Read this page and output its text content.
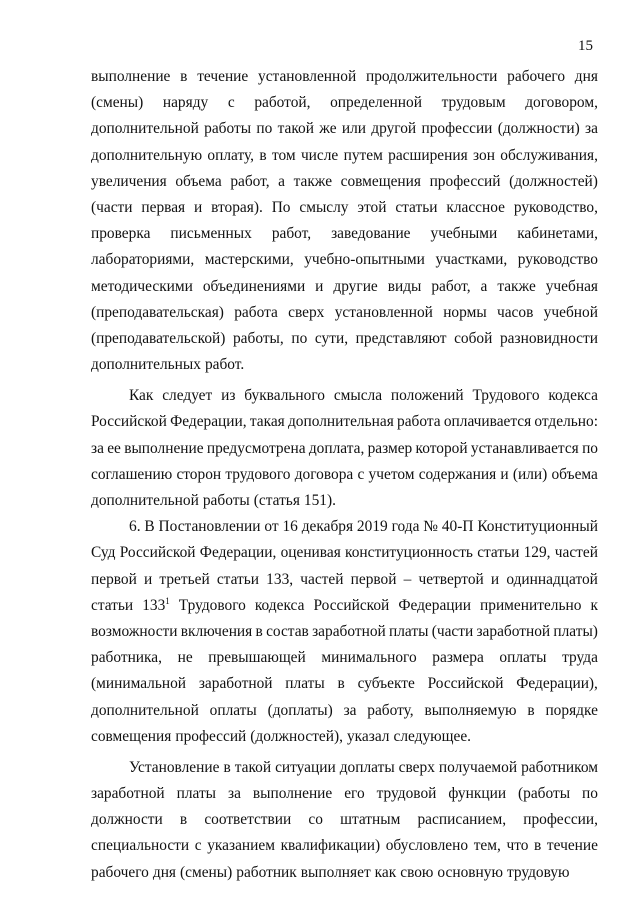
15
выполнение в течение установленной продолжительности рабочего дня
(смены) наряду с работой, определенной трудовым договором,
дополнительной работы по такой же или другой профессии (должности) за
дополнительную оплату, в том числе путем расширения зон обслуживания,
увеличения объема работ, а также совмещения профессий (должностей)
(части первая и вторая). По смыслу этой статьи классное руководство,
проверка письменных работ, заведование учебными кабинетами,
лабораториями, мастерскими, учебно-опытными участками, руководство
методическими объединениями и другие виды работ, а также учебная
(преподавательская) работа сверх установленной нормы часов учебной
(преподавательской) работы, по сути, представляют собой разновидности
дополнительных работ.
Как следует из буквального смысла положений Трудового кодекса
Российской Федерации, такая дополнительная работа оплачивается отдельно:
за ее выполнение предусмотрена доплата, размер которой устанавливается по
соглашению сторон трудового договора с учетом содержания и (или) объема
дополнительной работы (статья 151).
6. В Постановлении от 16 декабря 2019 года № 40-П Конституционный
Суд Российской Федерации, оценивая конституционность статьи 129, частей
первой и третьей статьи 133, частей первой – четвертой и одиннадцатой
статьи $133^1$ Трудового кодекса Российской Федерации применительно к
возможности включения в состав заработной платы (части заработной платы)
работника, не превышающей минимального размера оплаты труда
(минимальной заработной платы в субъекте Российской Федерации),
дополнительной оплаты (доплаты) за работу, выполняемую в порядке
совмещения профессий (должностей), указал следующее.
Установление в такой ситуации доплаты сверх получаемой работником
заработной платы за выполнение его трудовой функции (работы по
должности в соответствии со штатным расписанием, профессии,
специальности с указанием квалификации) обусловлено тем, что в течение
рабочего дня (смены) работник выполняет как свою основную трудовую
